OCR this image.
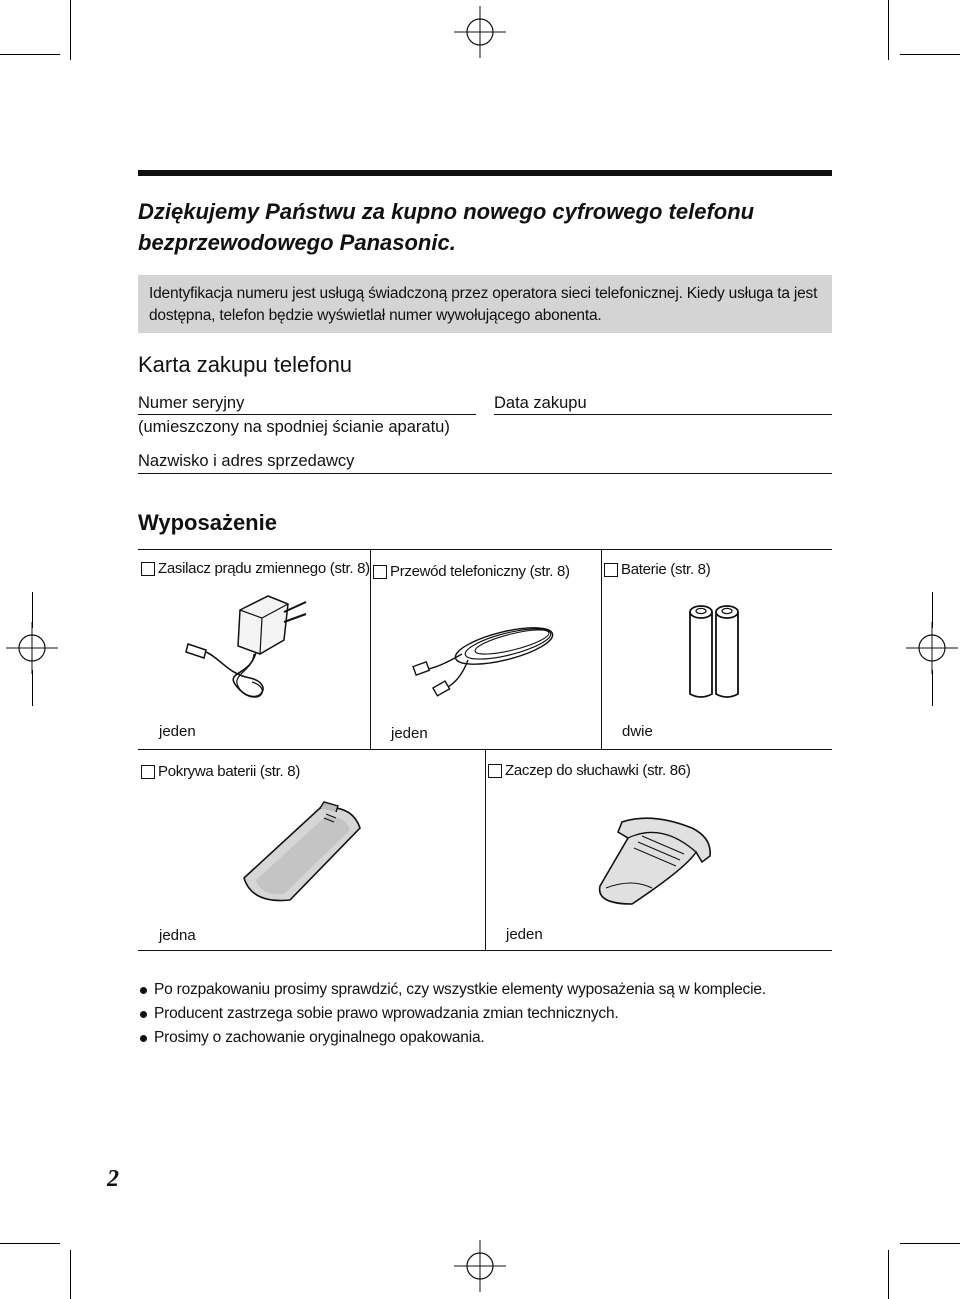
Dziękujemy Państwu za kupno nowego cyfrowego telefonu
bezprzewodowego Panasonic.
Identyfikacja numeru jest usługą świadczoną przez operatora sieci telefonicznej. Kiedy usługa ta jest dostępna, telefon będzie wyświetlał numer wywołującego abonenta.
Karta zakupu telefonu
Numer seryjny
(umieszczony na spodniej ścianie aparatu)
Data zakupu
Nazwisko i adres sprzedawcy
Wyposażenie
Zasilacz prądu zmiennego (str. 8)
jeden
Przewód telefoniczny (str. 8)
jeden
Baterie (str. 8)
dwie
Pokrywa baterii (str. 8)
jedna
Zaczep do słuchawki (str. 86)
jeden
Po rozpakowaniu prosimy sprawdzić, czy wszystkie elementy wyposażenia są w komplecie.
Producent zastrzega sobie prawo wprowadzania zmian technicznych.
Prosimy o zachowanie oryginalnego opakowania.
2
